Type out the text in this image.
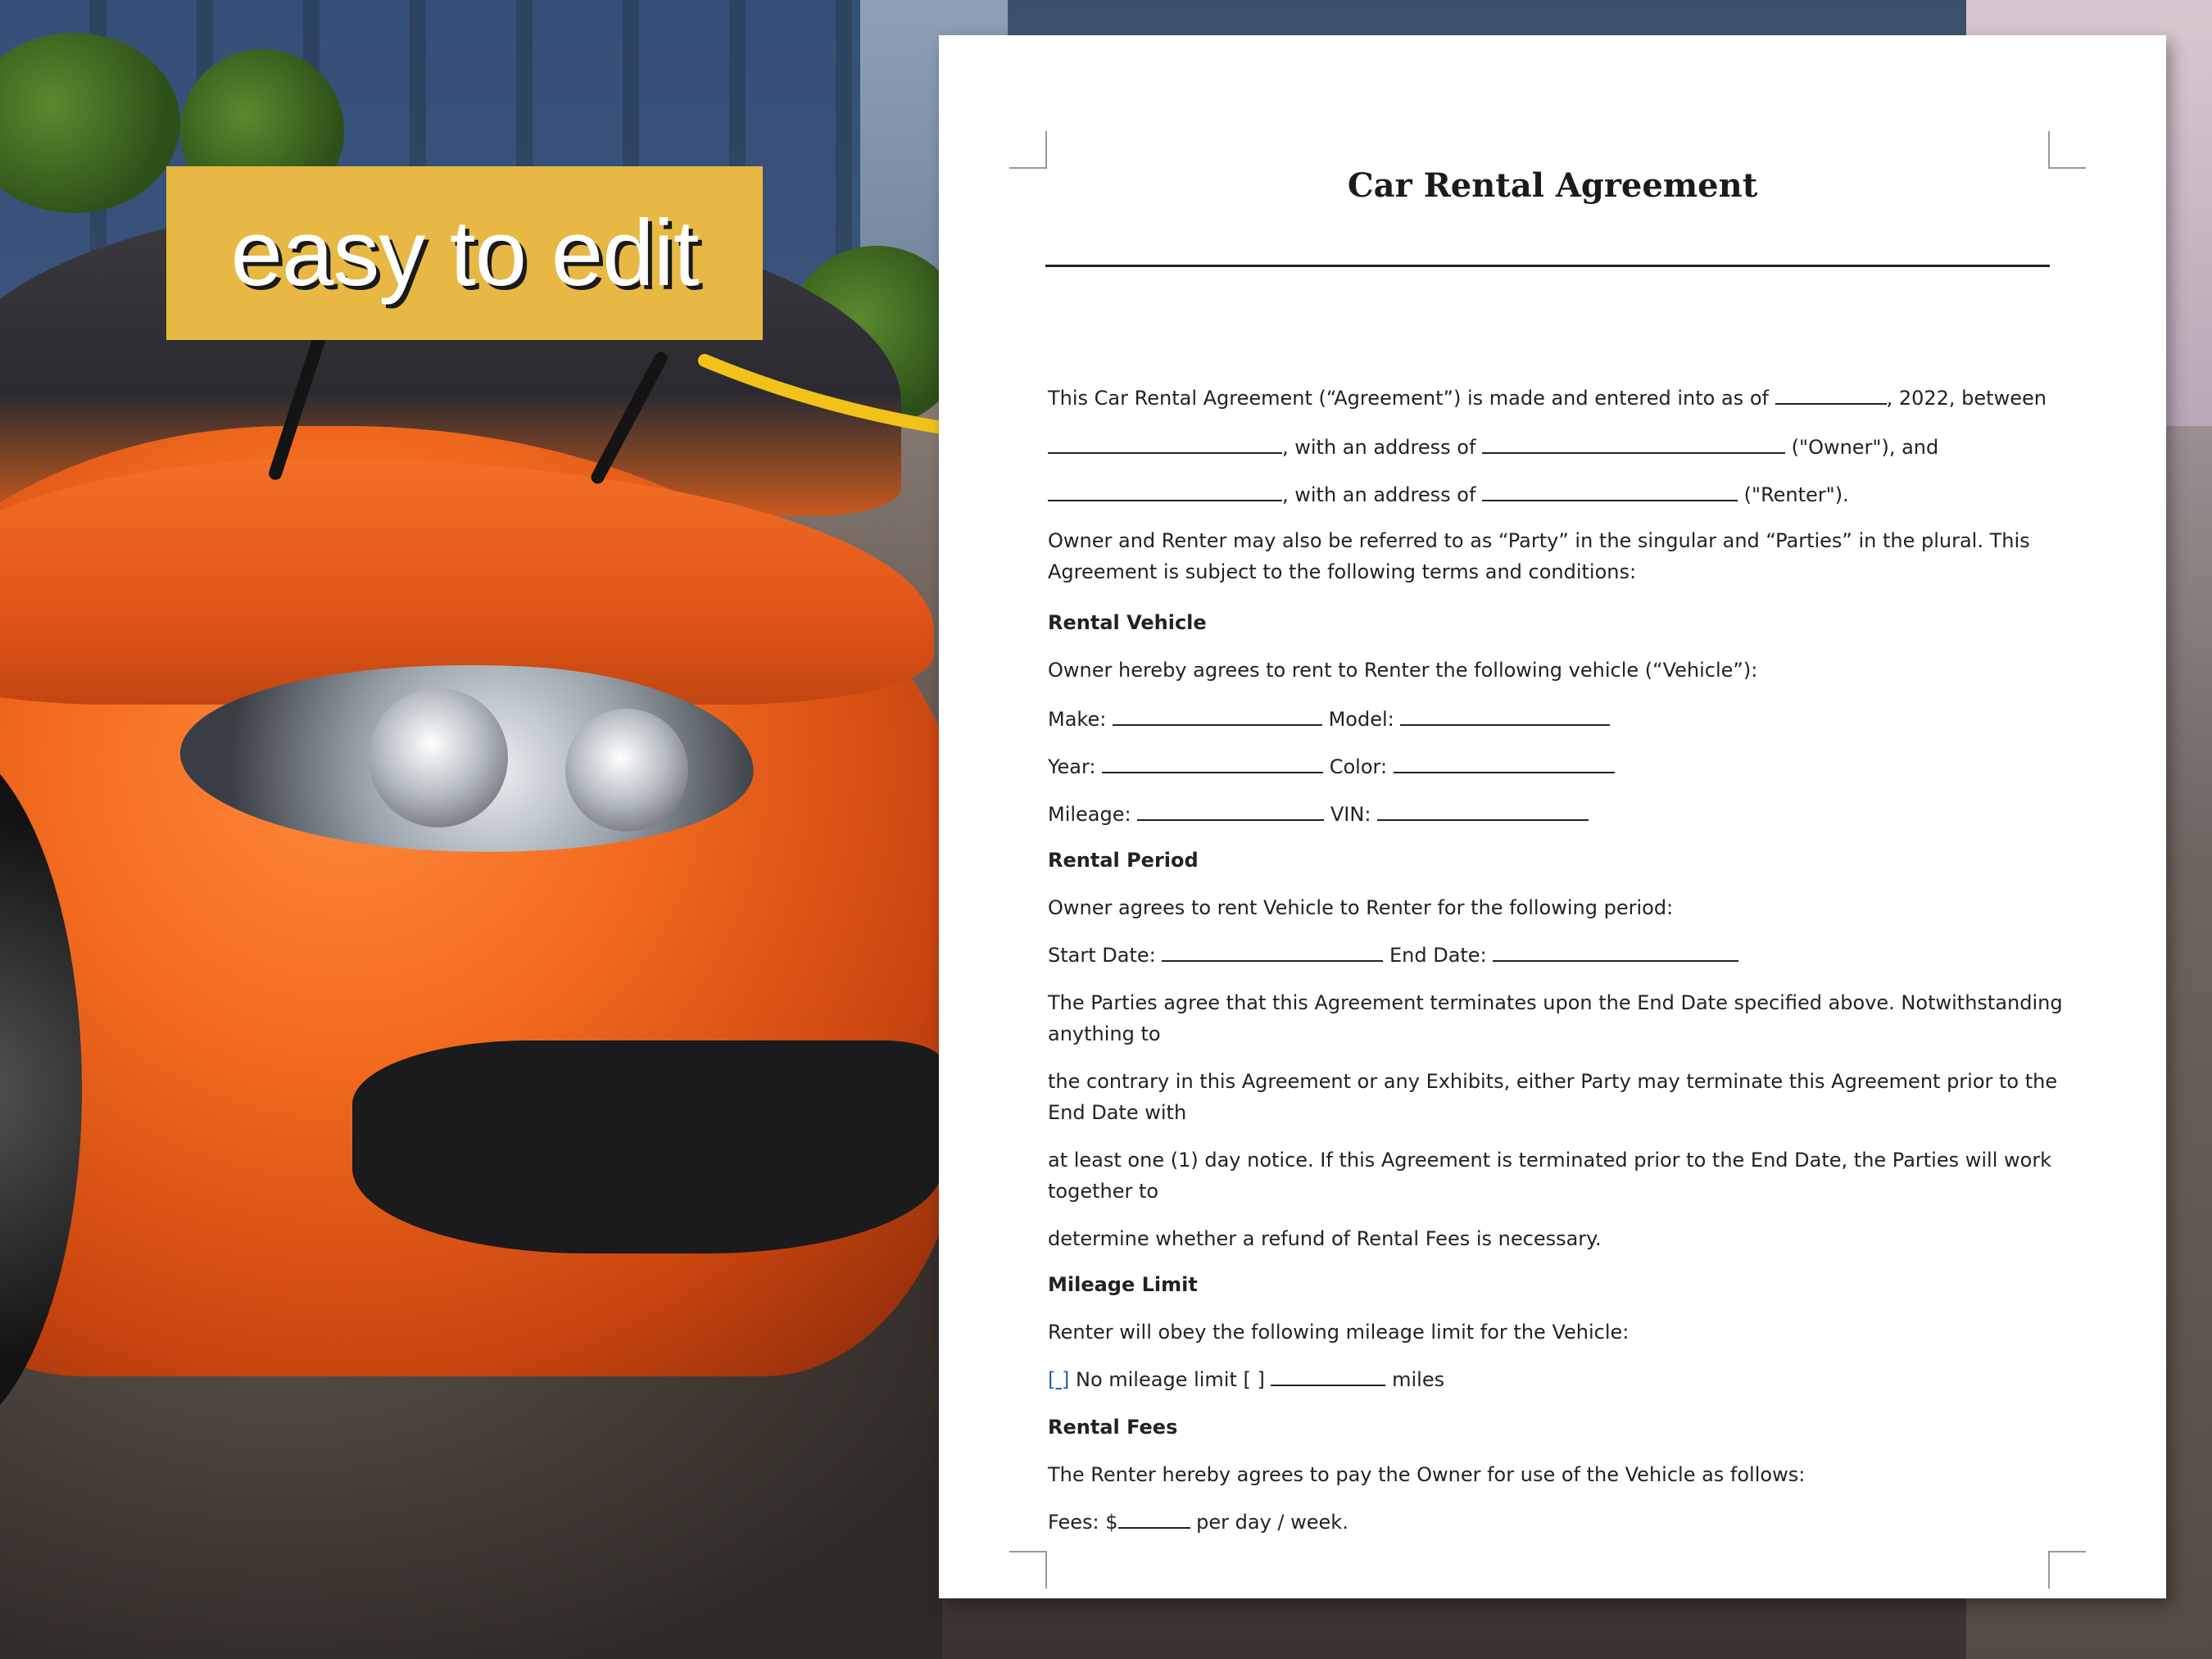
easy to edit
Car Rental Agreement
This Car Rental Agreement (“Agreement”) is made and entered into as of	, 2022, between
, with an address of	("Owner"), and
, with an address of	("Renter").
Owner and Renter may also be referred to as “Party” in the singular and “Parties” in the plural. This Agreement is subject to the following terms and conditions:
Rental Vehicle
Owner hereby agrees to rent to Renter the following vehicle (“Vehicle”):
Make:	Model:
Year:	Color:
Mileage:	VIN:
Rental Period
Owner agrees to rent Vehicle to Renter for the following period:
Start Date:	End Date:
The Parties agree that this Agreement terminates upon the End Date specified above. Notwithstanding anything to
the contrary in this Agreement or any Exhibits, either Party may terminate this Agreement prior to the End Date with
at least one (1) day notice. If this Agreement is terminated prior to the End Date, the Parties will work together to
determine whether a refund of Rental Fees is necessary.
Mileage Limit
Renter will obey the following mileage limit for the Vehicle:
[ ] No mileage limit [ ]	miles
Rental Fees
The Renter hereby agrees to pay the Owner for use of the Vehicle as follows:
Fees: $	per day / week.
